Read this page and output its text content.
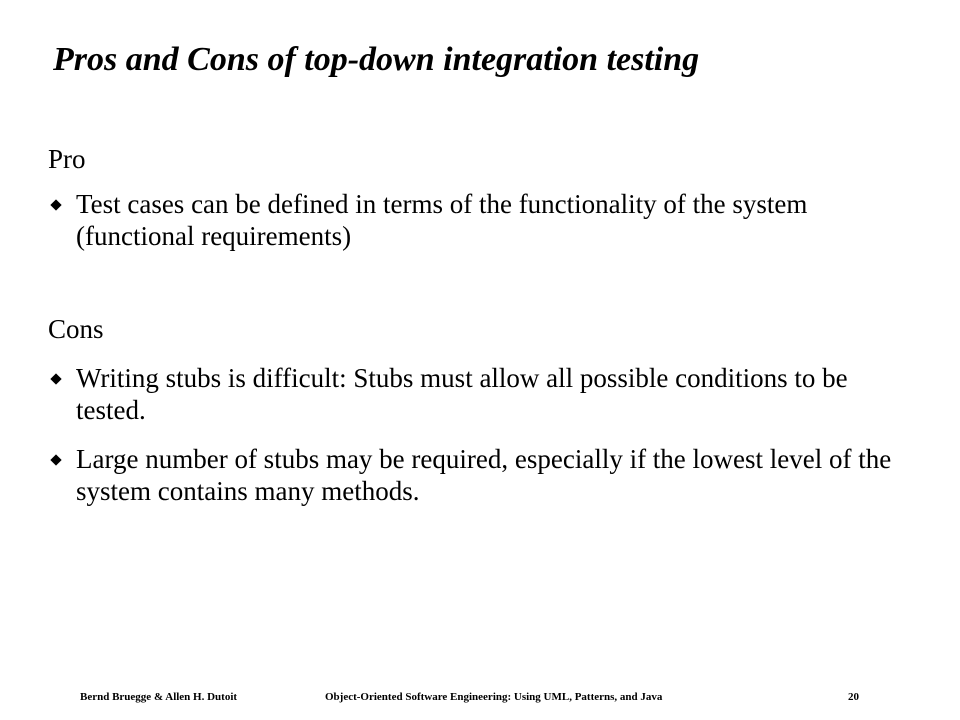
Pros and Cons of top-down integration testing

Pro

Test cases can be defined in terms of the functionality of the system (functional requirements)

Cons

Writing stubs is difficult: Stubs must allow all possible conditions to be tested.
Large number of stubs may be required, especially if the lowest level of the system contains many methods.
Bernd Bruegge & Allen H. Dutoit	Object-Oriented Software Engineering: Using UML, Patterns, and Java	20
